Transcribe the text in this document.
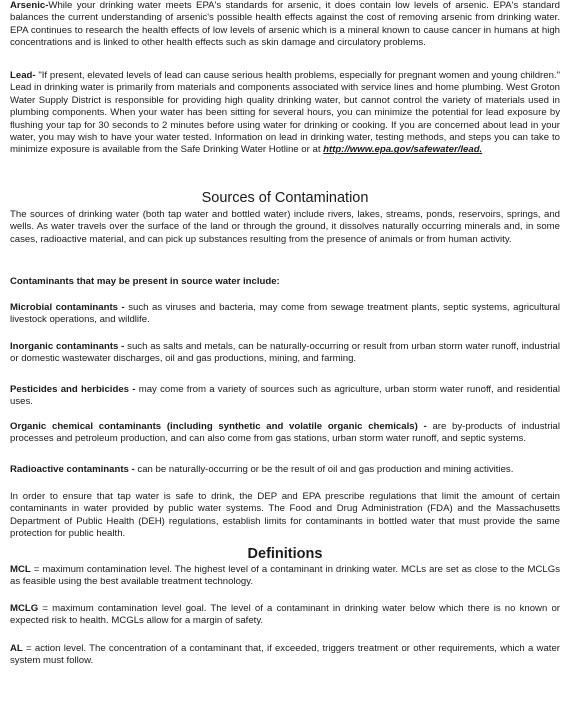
Arsenic-While your drinking water meets EPA's standards for arsenic, it does contain low levels of arsenic. EPA's standard balances the current understanding of arsenic's possible health effects against the cost of removing arsenic from drinking water. EPA continues to research the health effects of low levels of arsenic which is a mineral known to cause cancer in humans at high concentrations and is linked to other health effects such as skin damage and circulatory problems.

Lead- "If present, elevated levels of lead can cause serious health problems, especially for pregnant women and young children." Lead in drinking water is primarily from materials and components associated with service lines and home plumbing. West Groton Water Supply District is responsible for providing high quality drinking water, but cannot control the variety of materials used in plumbing components. When your water has been sitting for several hours, you can minimize the potential for lead exposure by flushing your tap for 30 seconds to 2 minutes before using water for drinking or cooking. If you are concerned about lead in your water, you may wish to have your water tested. Information on lead in drinking water, testing methods, and steps you can take to minimize exposure is available from the Safe Drinking Water Hotline or at http://www.epa.gov/safewater/lead.

Sources of Contamination

The sources of drinking water (both tap water and bottled water) include rivers, lakes, streams, ponds, reservoirs, springs, and wells. As water travels over the surface of the land or through the ground, it dissolves naturally occurring minerals and, in some cases, radioactive material, and can pick up substances resulting from the presence of animals or from human activity.

Contaminants that may be present in source water include:

Microbial contaminants - such as viruses and bacteria, may come from sewage treatment plants, septic systems, agricultural livestock operations, and wildlife.

Inorganic contaminants - such as salts and metals, can be naturally-occurring or result from urban storm water runoff, industrial or domestic wastewater discharges, oil and gas productions, mining, and farming.

Pesticides and herbicides - may come from a variety of sources such as agriculture, urban storm water runoff, and residential uses.

Organic chemical contaminants (including synthetic and volatile organic chemicals) - are by-products of industrial processes and petroleum production, and can also come from gas stations, urban storm water runoff, and septic systems.

Radioactive contaminants - can be naturally-occurring or be the result of oil and gas production and mining activities.

In order to ensure that tap water is safe to drink, the DEP and EPA prescribe regulations that limit the amount of certain contaminants in water provided by public water systems. The Food and Drug Administration (FDA) and the Massachusetts Department of Public Health (DEH) regulations, establish limits for contaminants in bottled water that must provide the same protection for public health.

Definitions

MCL = maximum contamination level. The highest level of a contaminant in drinking water. MCLs are set as close to the MCLGs as feasible using the best available treatment technology.

MCLG = maximum contamination level goal. The level of a contaminant in drinking water below which there is no known or expected risk to health. MCGLs allow for a margin of safety.

AL = action level. The concentration of a contaminant that, if exceeded, triggers treatment or other requirements, which a water system must follow.
